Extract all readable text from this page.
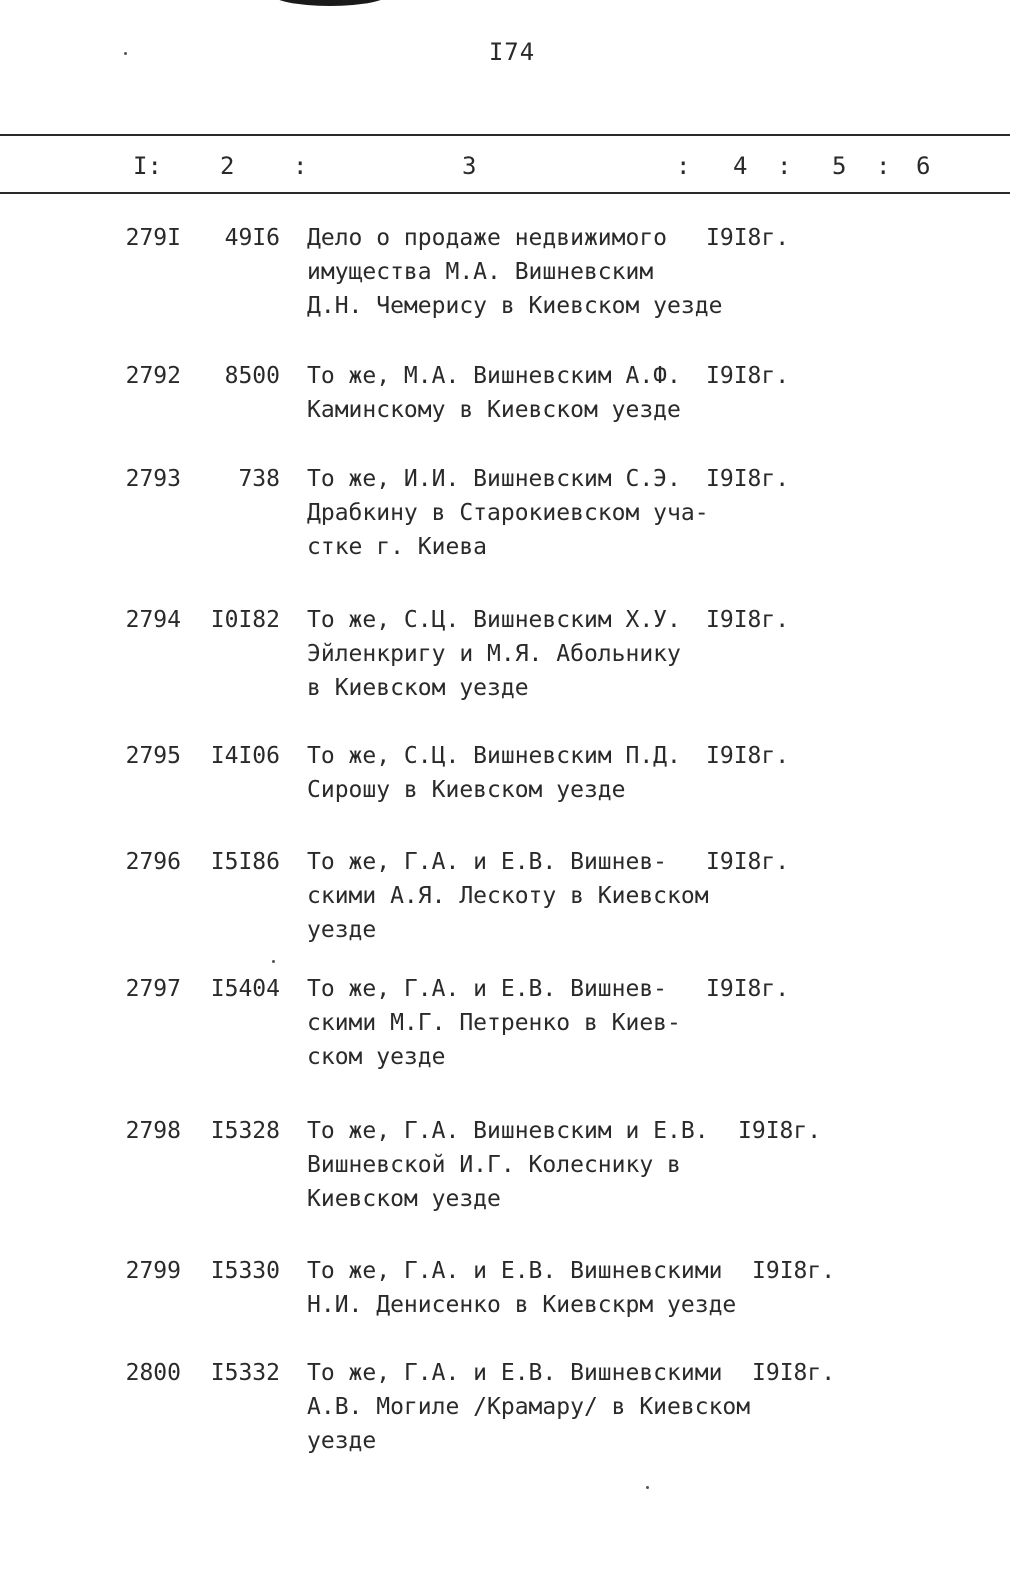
I74
I: 2 :	3	: 4 : 5 : 6
279I	49I6 Дело о продаже недвижимого
имущества М.А. Вишневским
Д.Н. Чемерису в Киевском уезде
I9I8г.
2792	8500 То же, М.А. Вишневским А.Ф.
Каминскому в Киевском уезде
I9I8г.
2793	738 То же, И.И. Вишневским С.Э.
Драбкину в Старокиевском уча-
стке г. Киева
I9I8г.
2794	I0I82 То же, С.Ц. Вишневским Х.У.
Эйленкригу и М.Я. Абольнику
в Киевском уезде
I9I8г.
2795	I4I06 То же, С.Ц. Вишневским П.Д.
Сирошу в Киевском уезде
I9I8г.
2796	I5I86 То же, Г.А. и Е.В. Вишнев-
скими А.Я. Лескоту в Киевском
уезде
I9I8г.
2797	I5404 То же, Г.А. и Е.В. Вишнев-
скими М.Г. Петренко в Киев-
ском уезде
I9I8г.
2798	I5328 То же, Г.А. Вишневским и Е.В.
Вишневской И.Г. Колеснику в
Киевском уезде
I9I8г.
2799	I5330 То же, Г.А. и Е.В. Вишневскими
Н.И. Денисенко в Киевскрм уезде
I9I8г.
2800	I5332 То же, Г.А. и Е.В. Вишневскими
А.В. Могиле /Крамару/ в Киевском
уезде
I9I8г.
